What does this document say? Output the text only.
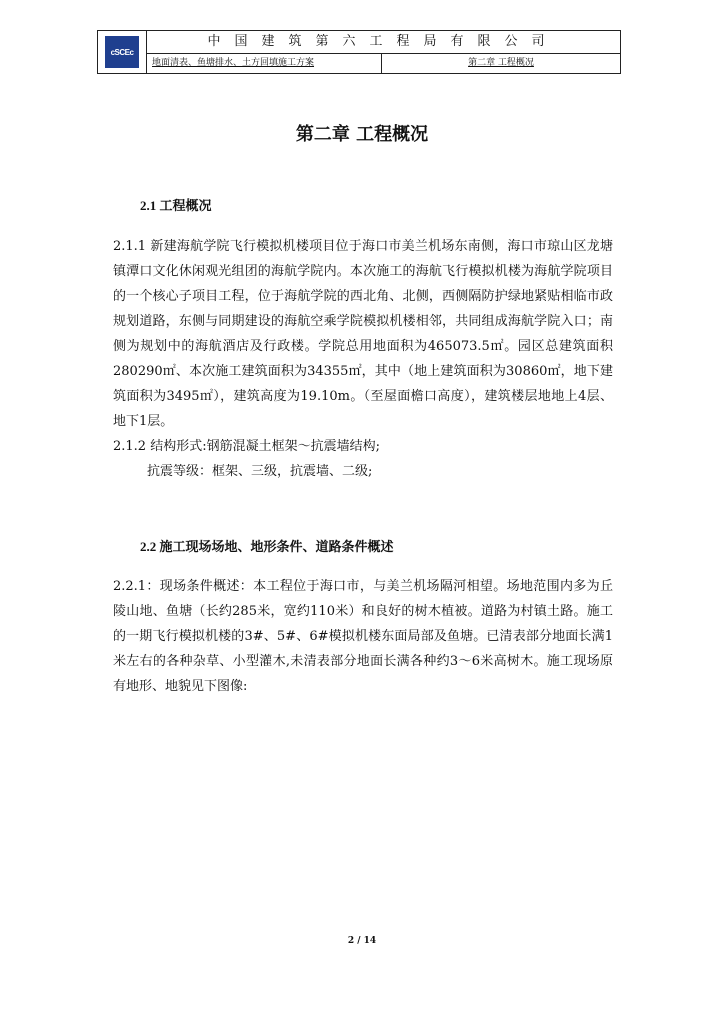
cSCEc
中国建筑第六工程局有限公司
地面清表、鱼塘排水、土方回填施工方案	第二章 工程概况
第二章 工程概况
2.1 工程概况

2.1.1 新建海航学院飞行模拟机楼项目位于海口市美兰机场东南侧，海口市琼山区龙塘镇潭口文化休闲观光组团的海航学院内。本次施工的海航飞行模拟机楼为海航学院项目的一个核心子项目工程，位于海航学院的西北角、北侧，西侧隔防护绿地紧贴相临市政规划道路，东侧与同期建设的海航空乘学院模拟机楼相邻，共同组成海航学院入口；南侧为规划中的海航酒店及行政楼。学院总用地面积为465073.5㎡。园区总建筑面积280290㎡、本次施工建筑面积为34355㎡，其中（地上建筑面积为30860㎡，地下建筑面积为3495㎡），建筑高度为19.10m。（至屋面檐口高度），建筑楼层地地上4层、地下1层。

2.1.2 结构形式:钢筋混凝土框架～抗震墙结构;

抗震等级：框架、三级，抗震墙、二级;

2.2 施工现场场地、地形条件、道路条件概述

2.2.1：现场条件概述：本工程位于海口市，与美兰机场隔河相望。场地范围内多为丘陵山地、鱼塘（长约285米，宽约110米）和良好的树木植被。道路为村镇土路。施工的一期飞行模拟机楼的3#、5#、6#模拟机楼东面局部及鱼塘。已清表部分地面长满1米左右的各种杂草、小型灌木,未清表部分地面长满各种约3～6米高树木。施工现场原有地形、地貌见下图像:

2 / 14
